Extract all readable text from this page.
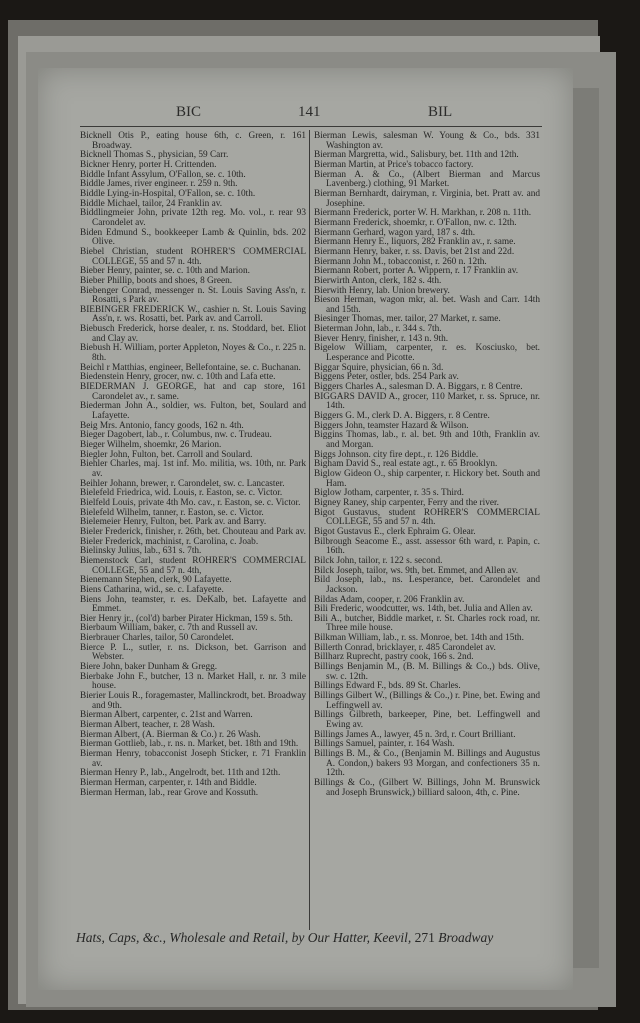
BIC	141	BIL
Bicknell Otis P., eating house 6th, c. Green, r. 161 Broadway.
Bicknell Thomas S., physician, 59 Carr.
Bickner Henry, porter H. Crittenden.
Biddle Infant Assylum, O'Fallon, se. c. 10th.
Biddle James, river engineer. r. 259 n. 9th.
Biddle Lying-in-Hospital, O'Fallon, se. c. 10th.
Biddle Michael, tailor, 24 Franklin av.
Biddlingmeier John, private 12th reg. Mo. vol., r. rear 93 Carondelet av.
Biden Edmund S., bookkeeper Lamb & Quinlin, bds. 202 Olive.
Biebel Christian, student ROHRER'S COMMERCIAL COLLEGE, 55 and 57 n. 4th.
Bieber Henry, painter, se. c. 10th and Marion.
Bieber Phillip, boots and shoes, 8 Green.
Biebenger Conrad, messenger n. St. Louis Saving Ass'n, r. Rosatti, s Park av.
BIEBINGER FREDERICK W., cashier n. St. Louis Saving Ass'n, r. ws. Rosatti, bet. Park av. and Carroll.
Biebusch Frederick, horse dealer, r. ns. Stoddard, bet. Eliot and Clay av.
Biebush H. William, porter Appleton, Noyes & Co., r. 225 n. 8th.
Beichl r Matthias, engineer, Bellefontaine, se. c. Buchanan.
Biedenstein Henry, grocer, nw. c. 10th and Lafa ette.
BIEDERMAN J. GEORGE, hat and cap store, 161 Carondelet av., r. same.
Biederman John A., soldier, ws. Fulton, bet, Soulard and Lafayette.
Beig Mrs. Antonio, fancy goods, 162 n. 4th.
Bieger Dagobert, lab., r. Columbus, nw. c. Trudeau.
Bieger Wilhelm, shoemkr, 26 Marion.
Biegler John, Fulton, bet. Carroll and Soulard.
Biehler Charles, maj. 1st inf. Mo. militia, ws. 10th, nr. Park av.
Beihler Johann, brewer, r. Carondelet, sw. c. Lancaster.
Bielefeld Friedrica, wid. Louis, r. Easton, se. c. Victor.
Bielfeld Louis, private 4th Mo. cav., r. Easton, se. c. Victor.
Bielefeld Wilhelm, tanner, r. Easton, se. c. Victor.
Bielemeier Henry, Fulton, bet. Park av. and Barry.
Bieler Frederick, finisher, r. 26th, bet. Chouteau and Park av.
Bieler Frederick, machinist, r. Carolina, c. Joab.
Bielinsky Julius, lab., 631 s. 7th.
Biemenstock Carl, student ROHRER'S COMMERCIAL COLLEGE, 55 and 57 n. 4th,
Bienemann Stephen, clerk, 90 Lafayette.
Biens Catharina, wid., se. c. Lafayette.
Biens John, teamster, r. es. DeKalb, bet. Lafayette and Emmet.
Bier Henry jr., (col'd) barber Pirater Hickman, 159 s. 5th.
Bierbaum William, baker, c. 7th and Russell av.
Bierbrauer Charles, tailor, 50 Carondelet.
Bierce P. L., sutler, r. ns. Dickson, bet. Garrison and Webster.
Biere John, baker Dunham & Gregg.
Bierbake John F., butcher, 13 n. Market Hall, r. nr. 3 mile house.
Bierier Louis R., foragemaster, Mallinckrodt, bet. Broadway and 9th.
Bierman Albert, carpenter, c. 21st and Warren.
Bierman Albert, teacher, r. 28 Wash.
Bierman Albert, (A. Bierman & Co.) r. 26 Wash.
Bierman Gottlieb, lab., r. ns. n. Market, bet. 18th and 19th.
Bierman Henry, tobacconist Joseph Sticker, r. 71 Franklin av.
Bierman Henry P., lab., Angelrodt, bet. 11th and 12th.
Bierman Herman, carpenter, r. 14th and Biddle.
Bierman Herman, lab., rear Grove and Kossuth.
Bierman Lewis, salesman W. Young & Co., bds. 331 Washington av.
Bierman Margretta, wid., Salisbury, bet. 11th and 12th.
Bierman Martin, at Price's tobacco factory.
Bierman A. & Co., (Albert Bierman and Marcus Lavenberg.) clothing, 91 Market.
Bierman Bernhardt, dairyman, r. Virginia, bet. Pratt av. and Josephine.
Biermann Frederick, porter W. H. Markhan, r. 208 n. 11th.
Biermann Frederick, shoemkr, r. O'Fallon, nw. c. 12th.
Biermann Gerhard, wagon yard, 187 s. 4th.
Biermann Henry E., liquors, 282 Franklin av., r. same.
Biermann Henry, baker, r. ss. Davis, bet 21st and 22d.
Biermann John M., tobacconist, r. 260 n. 12th.
Biermann Robert, porter A. Wippern, r. 17 Franklin av.
Bierwirth Anton, clerk, 182 s. 4th.
Bierwith Henry, lab. Union brewery.
Bieson Herman, wagon mkr, al. bet. Wash and Carr. 14th and 15th.
Biesinger Thomas, mer. tailor, 27 Market, r. same.
Bieterman John, lab., r. 344 s. 7th.
Biever Henry, finisher, r. 143 n. 9th.
Bigelow William, carpenter, r. es. Kosciusko, bet. Lesperance and Picotte.
Biggar Squire, physician, 66 n. 3d.
Biggens Peter, ostler, bds. 254 Park av.
Biggers Charles A., salesman D. A. Biggars, r. 8 Centre.
BIGGARS DAVID A., grocer, 110 Market, r. ss. Spruce, nr. 14th.
Biggers G. M., clerk D. A. Biggers, r. 8 Centre.
Biggers John, teamster Hazard & Wilson.
Biggins Thomas, lab., r. al. bet. 9th and 10th, Franklin av. and Morgan.
Biggs Johnson. city fire dept., r. 126 Biddle.
Bigham David S., real estate agt., r. 65 Brooklyn.
Biglow Gideon O., ship carpenter, r. Hickory bet. South and Ham.
Biglow Jotham, carpenter, r. 35 s. Third.
Bigney Raney, ship carpenter, Ferry and the river.
Bigot Gustavus, student ROHRER'S COMMERCIAL COLLEGE, 55 and 57 n. 4th.
Bigot Gustavus E., clerk Ephraim G. Olear.
Bilbrough Seacome E., asst. assessor 6th ward, r. Papin, c. 16th.
Bilck John, tailor, r. 122 s. second.
Bilck Joseph, tailor, ws. 9th, bet. Emmet, and Allen av.
Bild Joseph, lab., ns. Lesperance, bet. Carondelet and Jackson.
Bildas Adam, cooper, r. 206 Franklin av.
Bili Frederic, woodcutter, ws. 14th, bet. Julia and Allen av.
Bili A., butcher, Biddle market, r. St. Charles rock road, nr. Three mile house.
Bilkman William, lab., r. ss. Monroe, bet. 14th and 15th.
Billerth Conrad, bricklayer, r. 485 Carondelet av.
Billharz Ruprecht, pastry cook, 166 s. 2nd.
Billings Benjamin M., (B. M. Billings & Co.,) bds. Olive, sw. c. 12th.
Billings Edward F., bds. 89 St. Charles.
Billings Gilbert W., (Billings & Co.,) r. Pine, bet. Ewing and Leffingwell av.
Billings Gilbreth, barkeeper, Pine, bet. Leffingwell and Ewing av.
Billings James A., lawyer, 45 n. 3rd, r. Court Brilliant.
Billings Samuel, painter, r. 164 Wash.
Billings B. M., & Co., (Benjamin M. Billings and Augustus A. Condon,) bakers 93 Morgan, and confectioners 35 n. 12th.
Billings & Co., (Gilbert W. Billings, John M. Brunswick and Joseph Brunswick,) billiard saloon, 4th, c. Pine.
Hats, Caps, &c., Wholesale and Retail, by Our Hatter, Keevil, 271 Broadway
